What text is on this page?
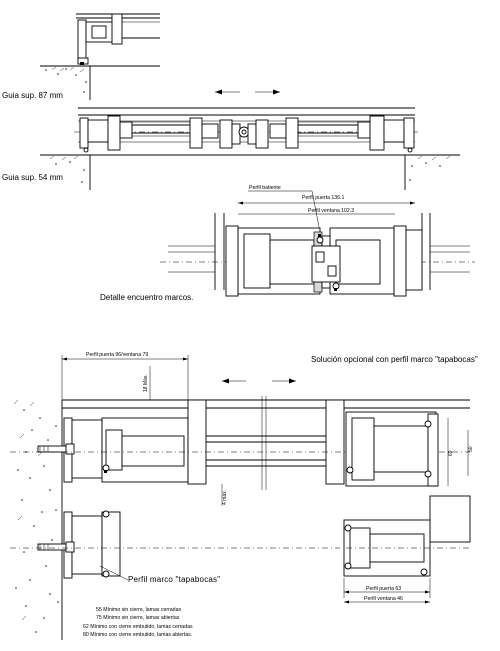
Guia sup. 87 mm
Guia sup. 54 mm
Perfil batiente
Perfil puerta 136.1
Perfil ventana 102.3
Detalle encuentro marcos.
Solución opcional con perfil marco "tapabocas"
Perfil puerta 96/ventana 79
18 Máx.
4 máx.
69
50
Perfil marco "tapabocas"
Perfil puerta 63
Perfil ventana 46
55 Mínimo sin cierre, lamas cerradas
75 Mínimo sin cierre, lamas abiertas
62 Mínimo con cierre embutido, lamas cerradas
80 Mínimo con cierre embutido, lamas abiertas.
